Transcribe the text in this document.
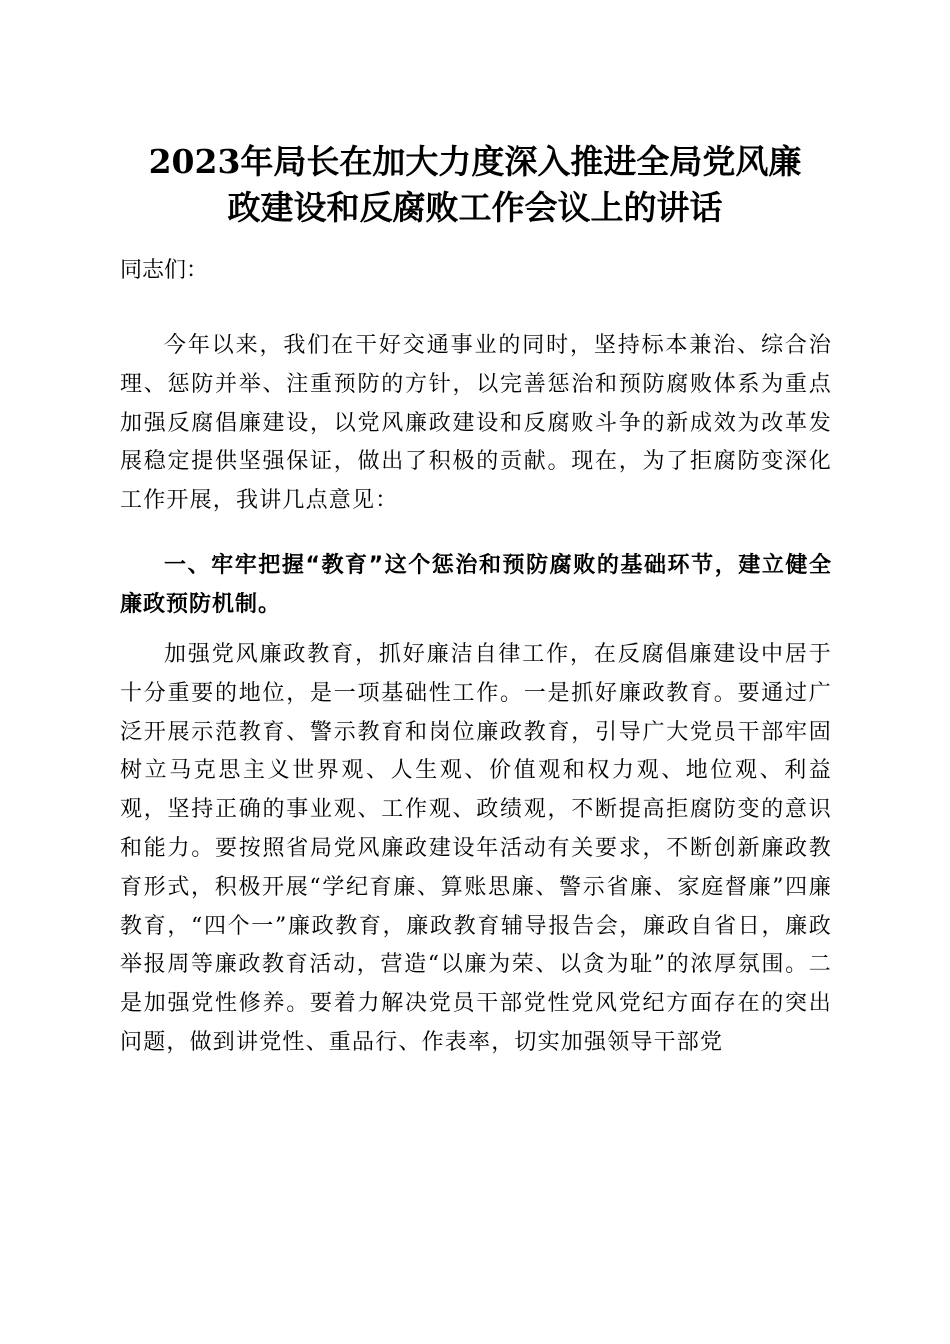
2023年局长在加大力度深入推进全局党风廉
政建设和反腐败工作会议上的讲话

同志们：

今年以来，我们在干好交通事业的同时，坚持标本兼治、综合治理、惩防并举、注重预防的方针，以完善惩治和预防腐败体系为重点加强反腐倡廉建设，以党风廉政建设和反腐败斗争的新成效为改革发展稳定提供坚强保证，做出了积极的贡献。现在，为了拒腐防变深化工作开展，我讲几点意见：

一、牢牢把握“教育”这个惩治和预防腐败的基础环节，建立健全廉政预防机制。

加强党风廉政教育，抓好廉洁自律工作，在反腐倡廉建设中居于十分重要的地位，是一项基础性工作。一是抓好廉政教育。要通过广泛开展示范教育、警示教育和岗位廉政教育，引导广大党员干部牢固树立马克思主义世界观、人生观、价值观和权力观、地位观、利益观，坚持正确的事业观、工作观、政绩观，不断提高拒腐防变的意识和能力。要按照省局党风廉政建设年活动有关要求，不断创新廉政教育形式，积极开展“学纪育廉、算账思廉、警示省廉、家庭督廉”四廉教育，“四个一”廉政教育，廉政教育辅导报告会，廉政自省日，廉政举报周等廉政教育活动，营造“以廉为荣、以贪为耻”的浓厚氛围。二是加强党性修养。要着力解决党员干部党性党风党纪方面存在的突出问题，做到讲党性、重品行、作表率，切实加强领导干部党
